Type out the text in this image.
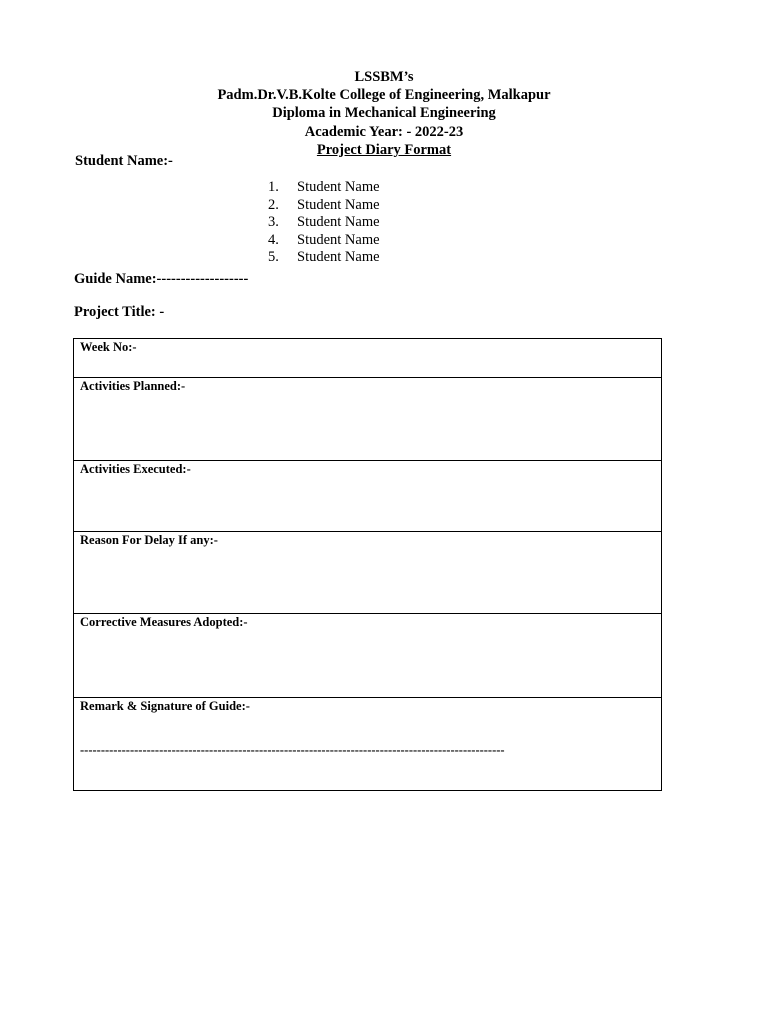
LSSBM’s
Padm.Dr.V.B.Kolte College of Engineering, Malkapur
Diploma in Mechanical Engineering
Academic Year: - 2022-23
Project Diary Format
Student Name:-
1. Student Name
2. Student Name
3. Student Name
4. Student Name
5. Student Name
Guide Name:-------------------
Project Title: -
Week No:-
Activities Planned:-
Activities Executed:-
Reason For Delay If any:-
Corrective Measures Adopted:-
Remark & Signature of Guide:-
------------------------------------------------------------------------------------------------------
